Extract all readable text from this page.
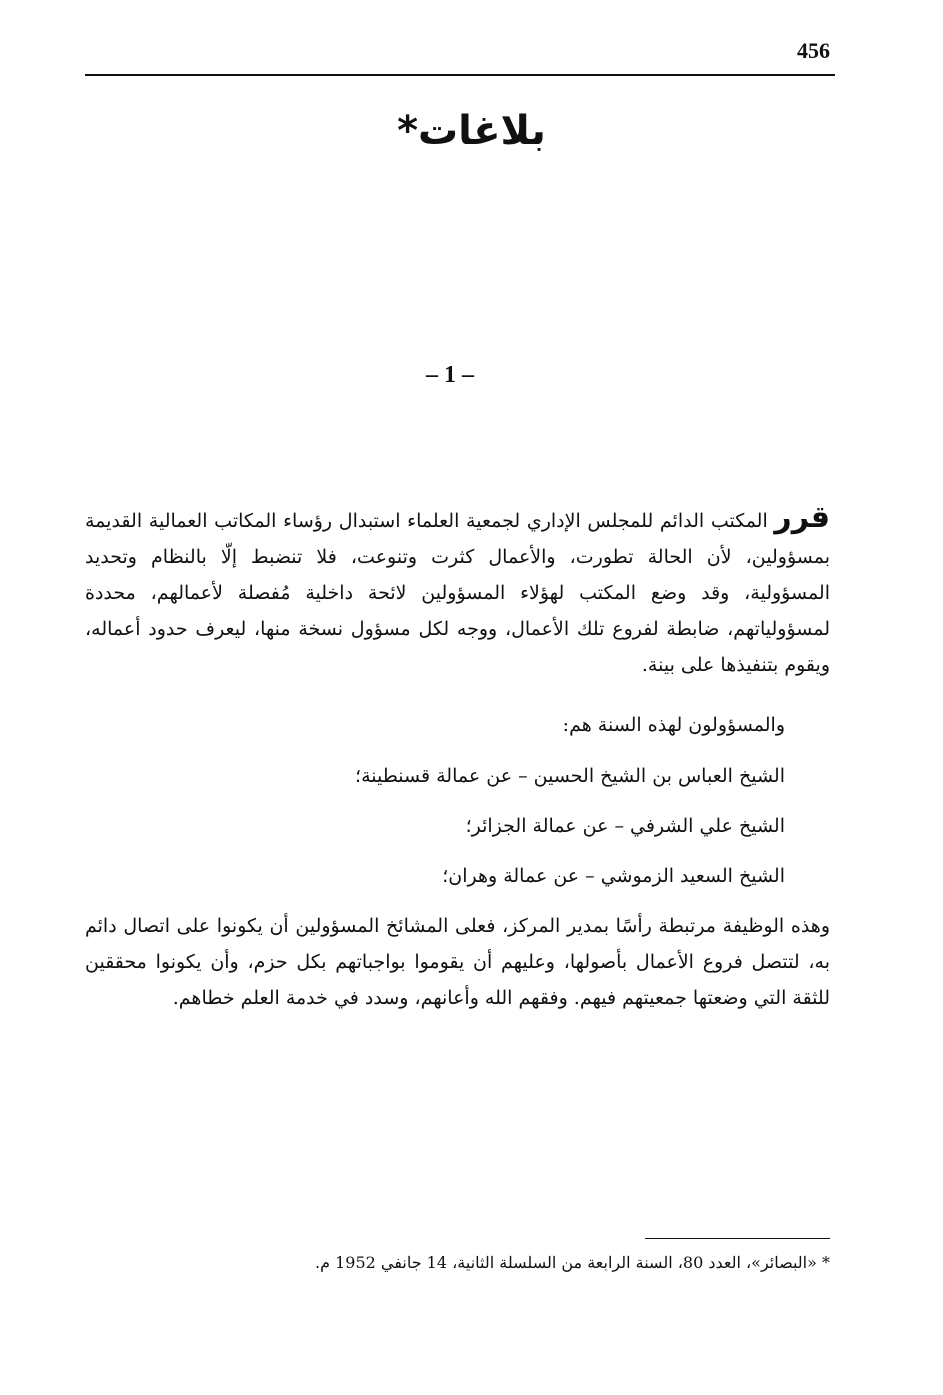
456
بلاغات*
– 1 –
قرر المكتب الدائم للمجلس الإداري لجمعية العلماء استبدال رؤساء المكاتب العمالية القديمة بمسؤولين، لأن الحالة تطورت، والأعمال كثرت وتنوعت، فلا تنضبط إلّا بالنظام وتحديد المسؤولية، وقد وضع المكتب لهؤلاء المسؤولين لائحة داخلية مُفصلة لأعمالهم، محددة لمسؤولياتهم، ضابطة لفروع تلك الأعمال، ووجه لكل مسؤول نسخة منها، ليعرف حدود أعماله، ويقوم بتنفيذها على بينة.
والمسؤولون لهذه السنة هم:
الشيخ العباس بن الشيخ الحسين – عن عمالة قسنطينة؛
الشيخ علي الشرفي – عن عمالة الجزائر؛
الشيخ السعيد الزموشي – عن عمالة وهران؛
وهذه الوظيفة مرتبطة رأسًا بمدير المركز، فعلى المشائخ المسؤولين أن يكونوا على اتصال دائم به، لتتصل فروع الأعمال بأصولها، وعليهم أن يقوموا بواجباتهم بكل حزم، وأن يكونوا محققين للثقة التي وضعتها جمعيتهم فيهم. وفقهم الله وأعانهم، وسدد في خدمة العلم خطاهم.
* «البصائر»، العدد 80، السنة الرابعة من السلسلة الثانية، 14 جانفي 1952 م.
